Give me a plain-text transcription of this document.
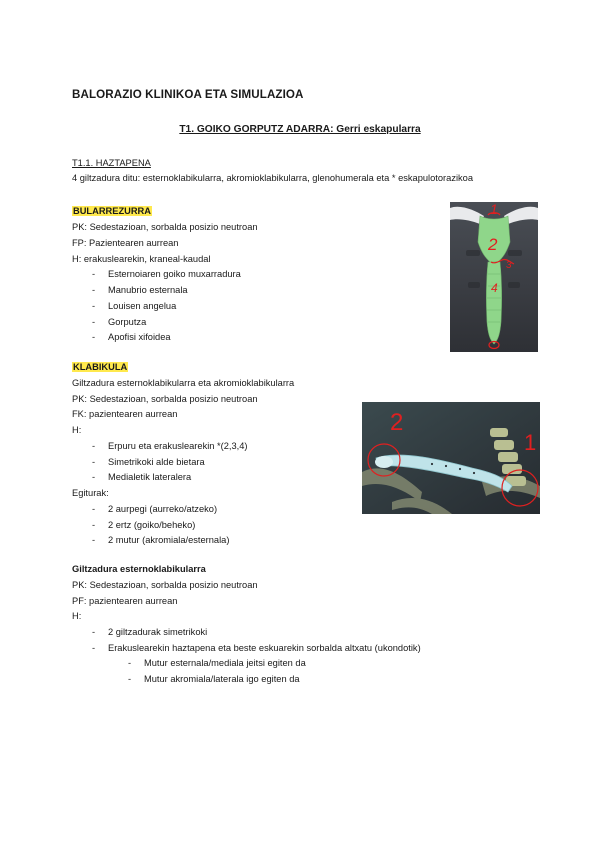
BALORAZIO KLINIKOA ETA SIMULAZIOA
T1. GOIKO GORPUTZ ADARRA: Gerri eskapularra
T1.1. HAZTAPENA
4 giltzadura ditu: esternoklabikularra, akromioklabikularra, glenohumerala eta * eskapulotorazikoa
BULARREZURRA
PK: Sedestazioan, sorbalda posizio neutroan
FP: Pazientearen aurrean
H: erakuslearekin, kraneal-kaudal
- Esternoiaren goiko muxarradura
- Manubrio esternala
- Louisen angelua
- Gorputza
- Apofisi xifoidea
1
2
3
4
KLABIKULA
Giltzadura esternoklabikularra eta akromioklabikularra
PK: Sedestazioan, sorbalda posizio neutroan
FK: pazientearen aurrean
H:
- Erpuru eta erakuslearekin *(2,3,4)
- Simetrikoki alde bietara
- Medialetik lateralera
Egiturak:
- 2 aurpegi (aurreko/atzeko)
- 2 ertz (goiko/beheko)
- 2 mutur (akromiala/esternala)
2
1
Giltzadura esternoklabikularra
PK: Sedestazioan, sorbalda posizio neutroan
PF: pazientearen aurrean
H:
- 2 giltzadurak simetrikoki
- Erakuslearekin haztapena eta beste eskuarekin sorbalda altxatu (ukondotik)
- Mutur esternala/mediala jeitsi egiten da
- Mutur akromiala/laterala igo egiten da
